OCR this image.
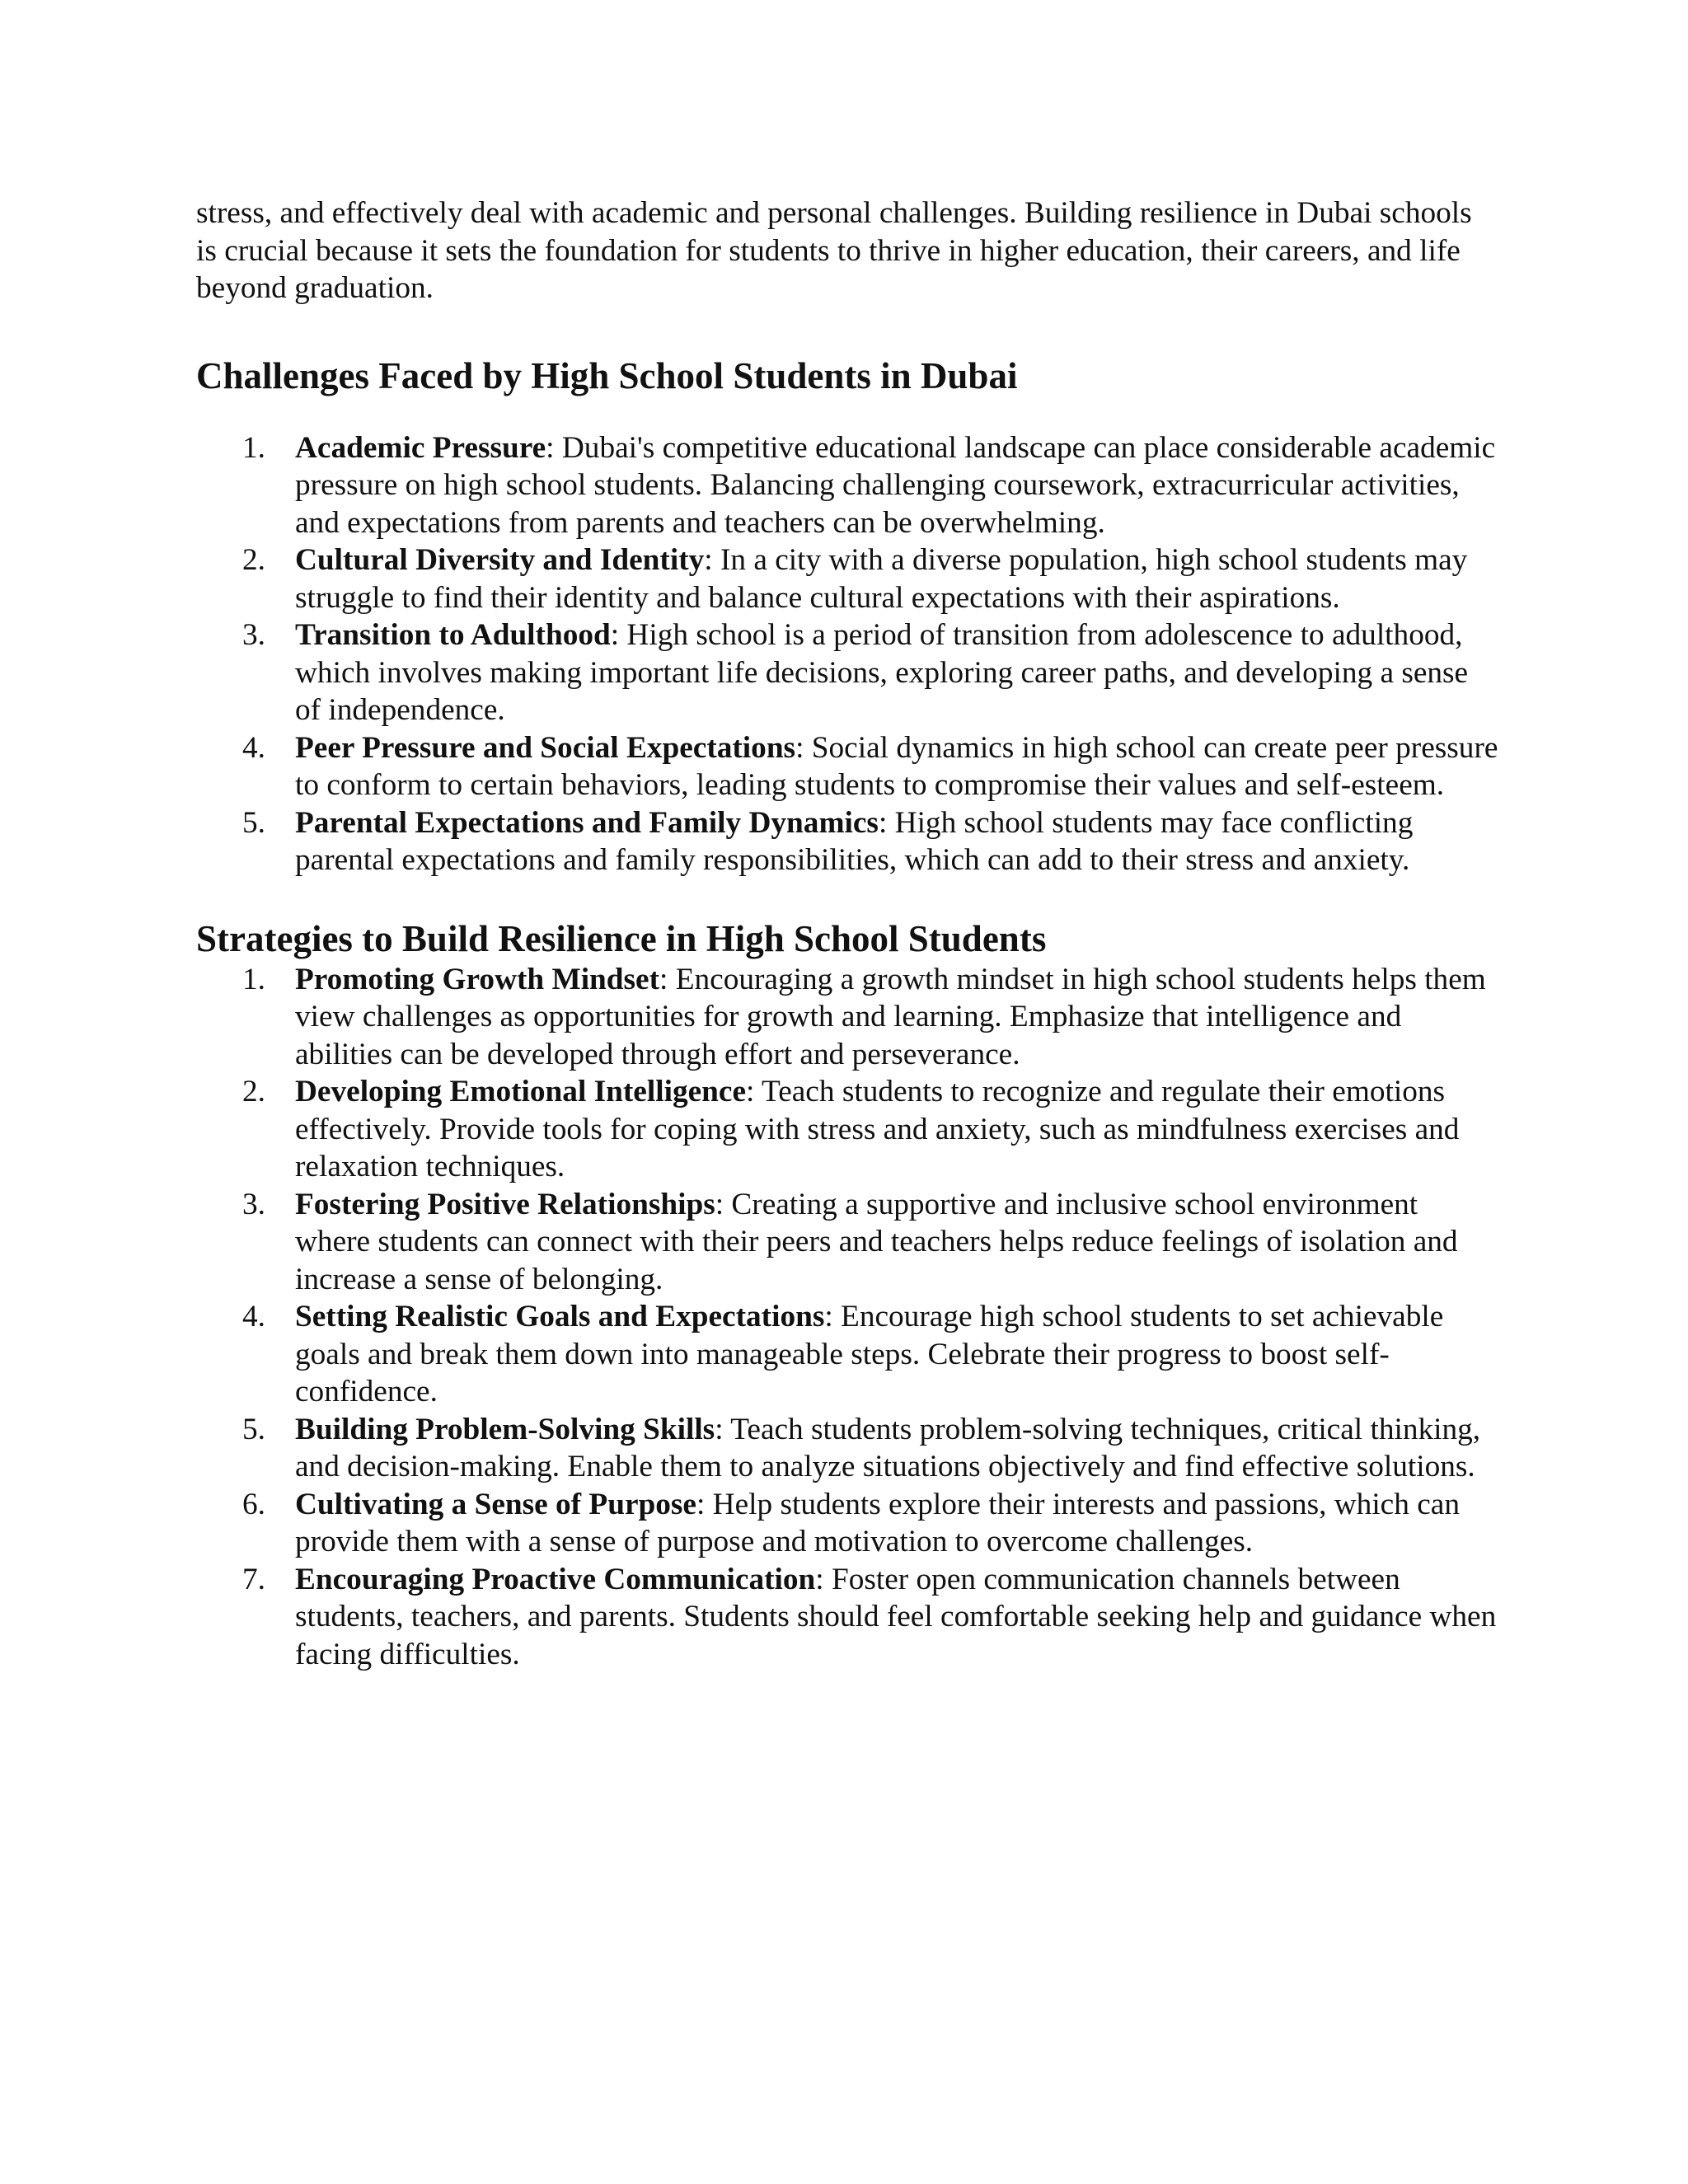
stress, and effectively deal with academic and personal challenges. Building resilience in Dubai schools is crucial because it sets the foundation for students to thrive in higher education, their careers, and life beyond graduation.

Challenges Faced by High School Students in Dubai
1. Academic Pressure: Dubai's competitive educational landscape can place considerable academic pressure on high school students. Balancing challenging coursework, extracurricular activities, and expectations from parents and teachers can be overwhelming.
2. Cultural Diversity and Identity: In a city with a diverse population, high school students may struggle to find their identity and balance cultural expectations with their aspirations.
3. Transition to Adulthood: High school is a period of transition from adolescence to adulthood, which involves making important life decisions, exploring career paths, and developing a sense of independence.
4. Peer Pressure and Social Expectations: Social dynamics in high school can create peer pressure to conform to certain behaviors, leading students to compromise their values and self-esteem.
5. Parental Expectations and Family Dynamics: High school students may face conflicting parental expectations and family responsibilities, which can add to their stress and anxiety.
Strategies to Build Resilience in High School Students
1. Promoting Growth Mindset: Encouraging a growth mindset in high school students helps them view challenges as opportunities for growth and learning. Emphasize that intelligence and abilities can be developed through effort and perseverance.
2. Developing Emotional Intelligence: Teach students to recognize and regulate their emotions effectively. Provide tools for coping with stress and anxiety, such as mindfulness exercises and relaxation techniques.
3. Fostering Positive Relationships: Creating a supportive and inclusive school environment where students can connect with their peers and teachers helps reduce feelings of isolation and increase a sense of belonging.
4. Setting Realistic Goals and Expectations: Encourage high school students to set achievable goals and break them down into manageable steps. Celebrate their progress to boost self-confidence.
5. Building Problem-Solving Skills: Teach students problem-solving techniques, critical thinking, and decision-making. Enable them to analyze situations objectively and find effective solutions.
6. Cultivating a Sense of Purpose: Help students explore their interests and passions, which can provide them with a sense of purpose and motivation to overcome challenges.
7. Encouraging Proactive Communication: Foster open communication channels between students, teachers, and parents. Students should feel comfortable seeking help and guidance when facing difficulties.
